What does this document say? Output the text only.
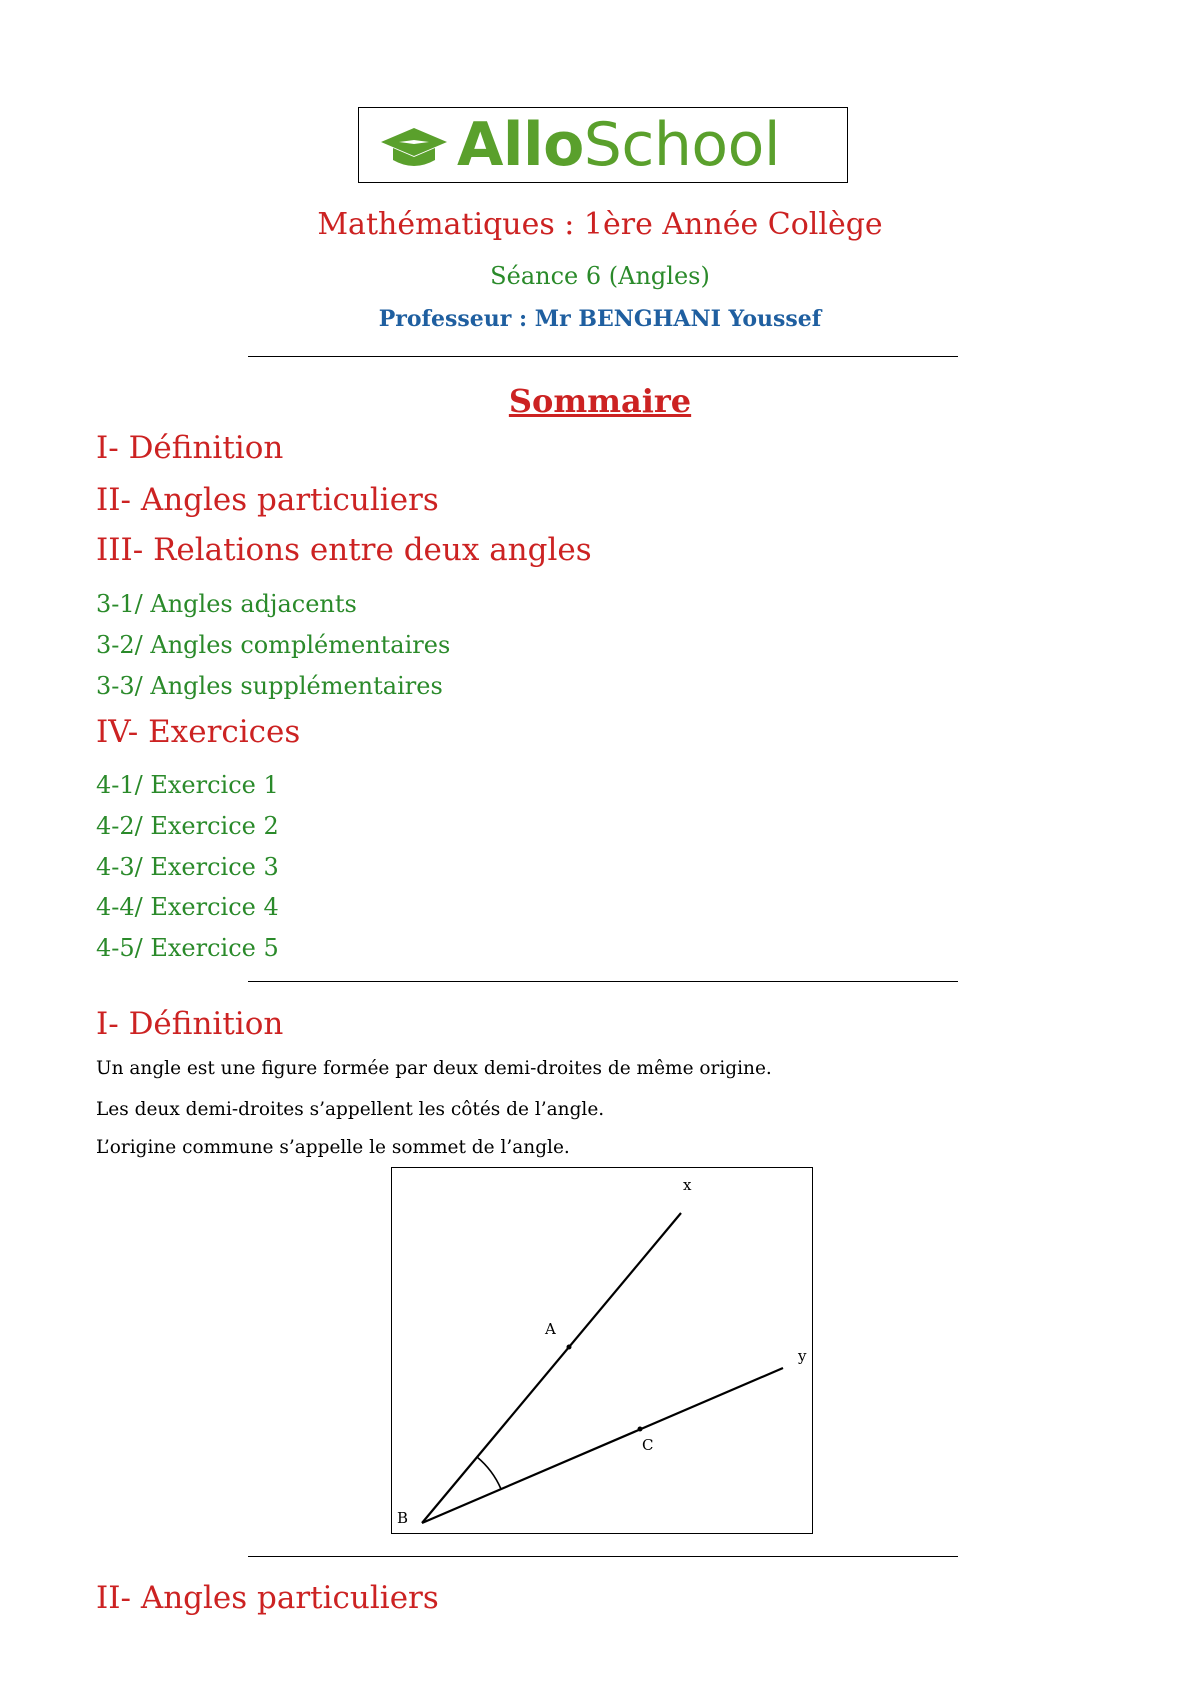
AlloSchool
Mathématiques : 1ère Année Collège
Séance 6 (Angles)
Professeur : Mr BENGHANI Youssef
Sommaire
I- Définition
II- Angles particuliers
III- Relations entre deux angles
3-1/ Angles adjacents
3-2/ Angles complémentaires
3-3/ Angles supplémentaires
IV- Exercices
4-1/ Exercice 1
4-2/ Exercice 2
4-3/ Exercice 3
4-4/ Exercice 4
4-5/ Exercice 5
I- Définition
Un angle est une figure formée par deux demi-droites de même origine.
Les deux demi-droites s’appellent les côtés de l’angle.
L’origine commune s’appelle le sommet de l’angle.
x
y
A
B
C
II- Angles particuliers
